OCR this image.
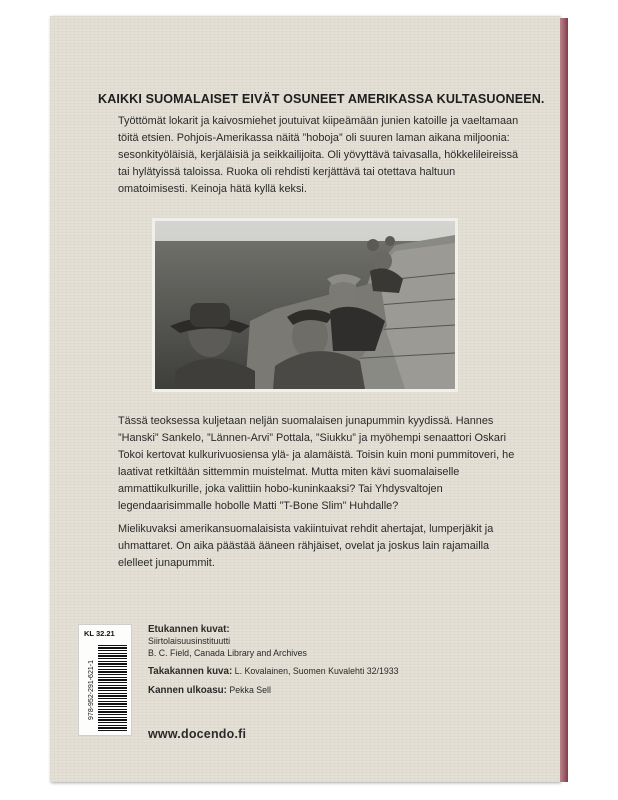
KAIKKI SUOMALAISET EIVÄT OSUNEET AMERIKASSA KULTASUONEEN.

Työttömät lokarit ja kaivosmiehet joutuivat kiipeämään junien katoille ja vaeltamaan töitä etsien. Pohjois-Amerikassa näitä ”hoboja” oli suuren laman aikana miljoonia: sesonkityöläisiä, kerjäläisiä ja seikkailijoita. Oli yövyttävä taivasalla, hökkelileireissä tai hylätyissä taloissa. Ruoka oli rehdisti kerjättävä tai otettava haltuun omatoimisesti. Keinoja hätä kyllä keksi.

Tässä teoksessa kuljetaan neljän suomalaisen junapummin kyydissä. Hannes ”Hanski” Sankelo, ”Lännen-Arvi” Pottala, ”Siukku” ja myöhempi senaattori Oskari Tokoi kertovat kulkurivuosiensa ylä- ja alamäistä. Toisin kuin moni pummitoveri, he laativat retkiltään sittemmin muistelmat. Mutta miten kävi suomalaiselle ammattikulkurille, joka valittiin hobo-kuninkaaksi? Tai Yhdysvaltojen legendaarisimmalle hobolle Matti ”T-Bone Slim” Huhdalle?

Mielikuvaksi amerikansuomalaisista vakiintuivat rehdit ahertajat, lumperjäkit ja uhmattaret. On aika päästää ääneen rähjäiset, ovelat ja joskus lain rajamailla elelleet junapummit.

KL 32.21
978-952-291-621-1
Etukannen kuvat:
Siirtolaisuusinstituutti
B. C. Field, Canada Library and Archives
Takakannen kuva: L. Kovalainen, Suomen Kuvalehti 32/1933
Kannen ulkoasu: Pekka Sell
www.docendo.fi
